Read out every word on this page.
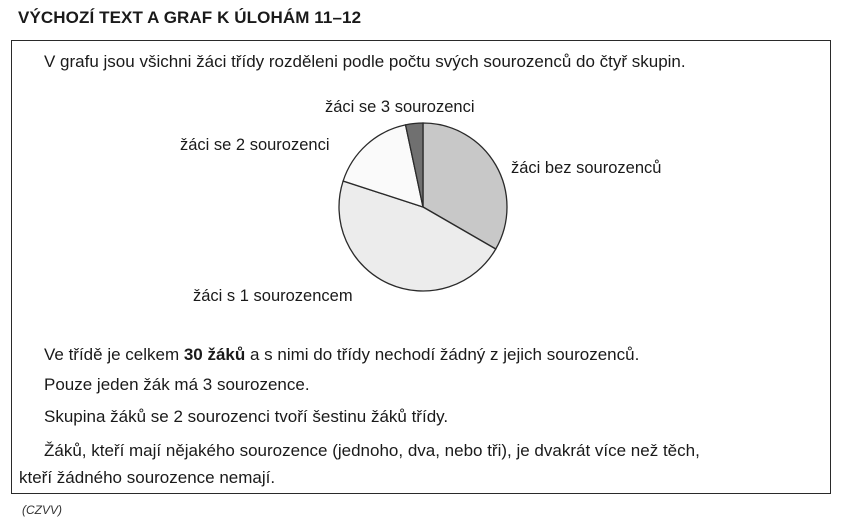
VÝCHOZÍ TEXT A GRAF K ÚLOHÁM 11–12
V grafu jsou všichni žáci třídy rozděleni podle počtu svých sourozenců do čtyř skupin.
žáci bez sourozenců
žáci s 1 sourozencem
žáci se 2 sourozenci
žáci se 3 sourozenci
Ve třídě je celkem 30 žáků a s nimi do třídy nechodí žádný z jejich sourozenců.
Pouze jeden žák má 3 sourozence.
Skupina žáků se 2 sourozenci tvoří šestinu žáků třídy.
Žáků, kteří mají nějakého sourozence (jednoho, dva, nebo tři), je dvakrát více než těch,
kteří žádného sourozence nemají.
(CZVV)
